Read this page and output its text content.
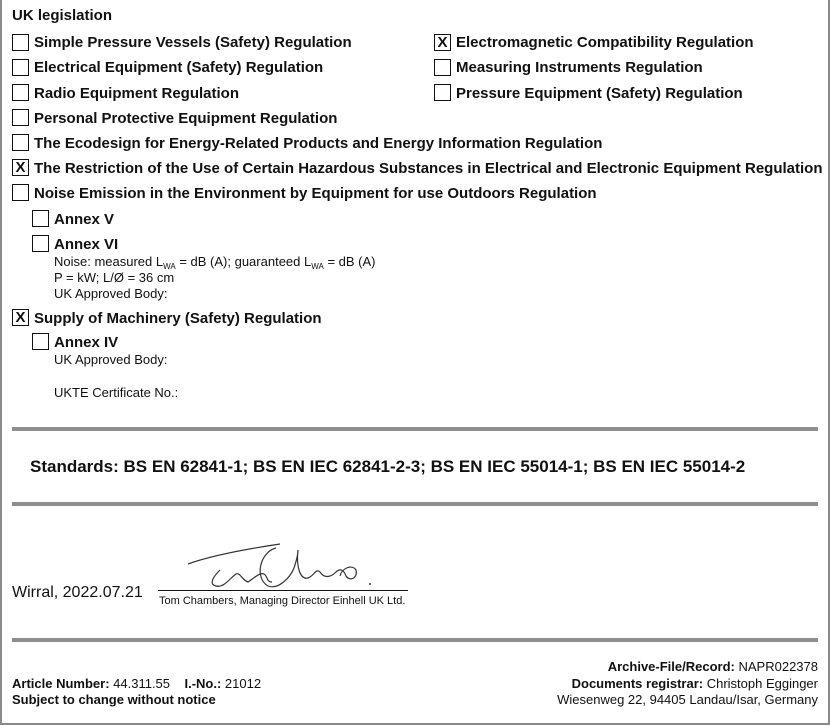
UK legislation
Simple Pressure Vessels (Safety) Regulation
Electrical Equipment (Safety) Regulation
Radio Equipment Regulation
Personal Protective Equipment Regulation
The Ecodesign for Energy-Related Products and Energy Information Regulation
X The Restriction of the Use of Certain Hazardous Substances in Electrical and Electronic Equipment Regulation
Noise Emission in the Environment by Equipment for use Outdoors Regulation
X Electromagnetic Compatibility Regulation
Measuring Instruments Regulation
Pressure Equipment (Safety) Regulation
Annex V
Annex VI
Noise: measured $L_{WA}$ = dB (A); guaranteed $L_{WA}$ = dB (A)
P = kW; L/Ø = 36 cm
UK Approved Body:
X Supply of Machinery (Safety) Regulation
Annex IV
UK Approved Body:
UKTE Certificate No.:
Standards: BS EN 62841-1; BS EN IEC 62841-2-3; BS EN IEC 55014-1; BS EN IEC 55014-2
Wirral, 2022.07.21 Tom Chambers, Managing Director Einhell UK Ltd.
Article Number: 44.311.55 I.-No.: 21012
Subject to change without notice
Archive-File/Record: NAPR022378
Documents registrar: Christoph Egginger
Wiesenweg 22, 94405 Landau/Isar, Germany
